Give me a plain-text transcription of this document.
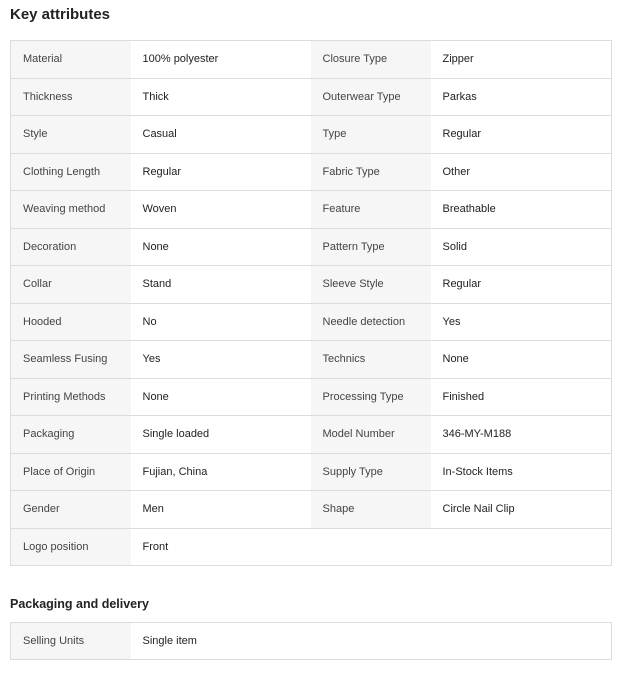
Key attributes
Material	100% polyester	Closure Type	Zipper
Thickness	Thick	Outerwear Type	Parkas
Style	Casual	Type	Regular
Clothing Length	Regular	Fabric Type	Other
Weaving method	Woven	Feature	Breathable
Decoration	None	Pattern Type	Solid
Collar	Stand	Sleeve Style	Regular
Hooded	No	Needle detection	Yes
Seamless Fusing	Yes	Technics	None
Printing Methods	None	Processing Type	Finished
Packaging	Single loaded	Model Number	346-MY-M188
Place of Origin	Fujian, China	Supply Type	In-Stock Items
Gender	Men	Shape	Circle Nail Clip
Logo position	Front		
Packaging and delivery
Selling Units	Single item		
